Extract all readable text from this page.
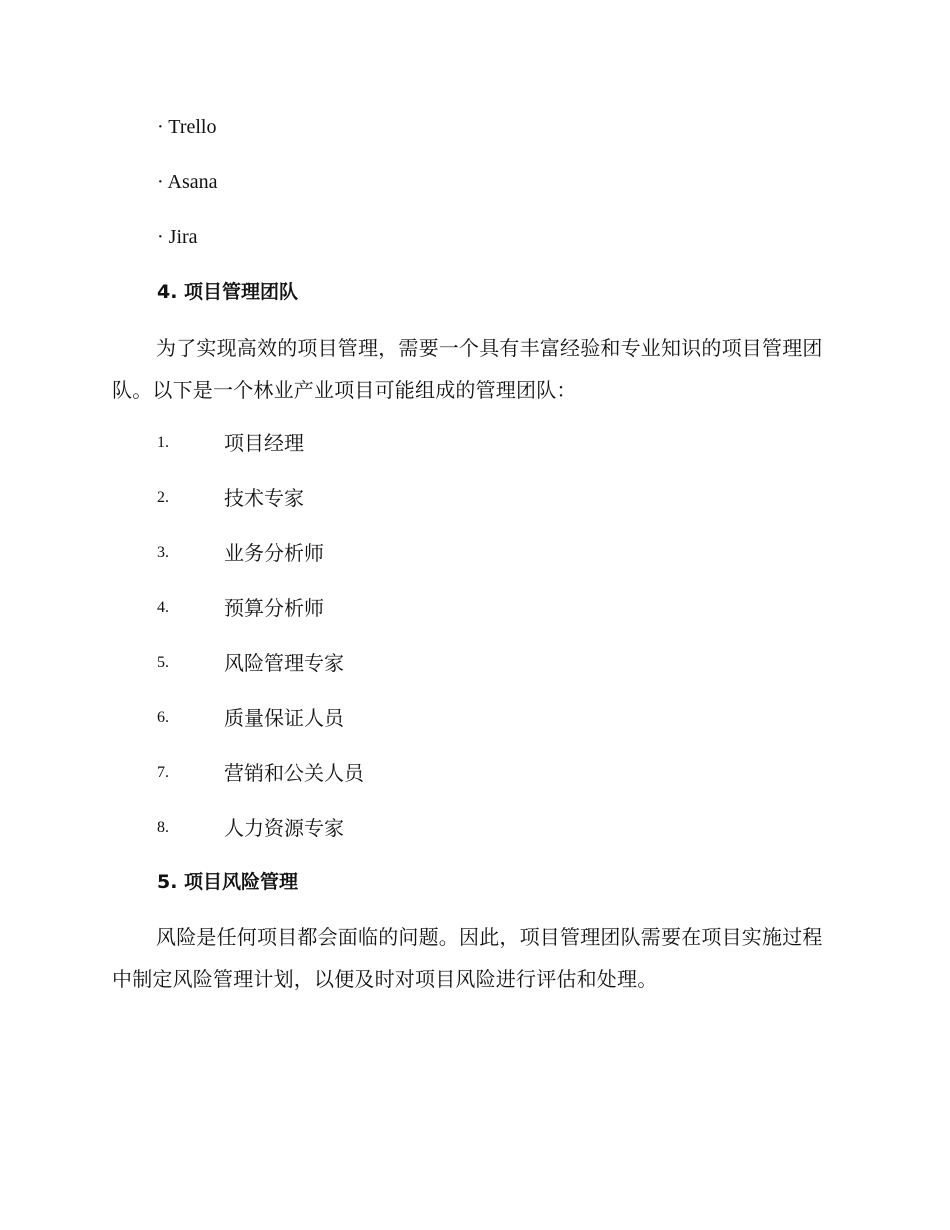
· Trello
· Asana
· Jira
4. 项目管理团队
为了实现高效的项目管理，需要一个具有丰富经验和专业知识的项目管理团队。以下是一个林业产业项目可能组成的管理团队：
1.	项目经理
2.	技术专家
3.	业务分析师
4.	预算分析师
5.	风险管理专家
6.	质量保证人员
7.	营销和公关人员
8.	人力资源专家
5. 项目风险管理
风险是任何项目都会面临的问题。因此，项目管理团队需要在项目实施过程中制定风险管理计划，以便及时对项目风险进行评估和处理。
